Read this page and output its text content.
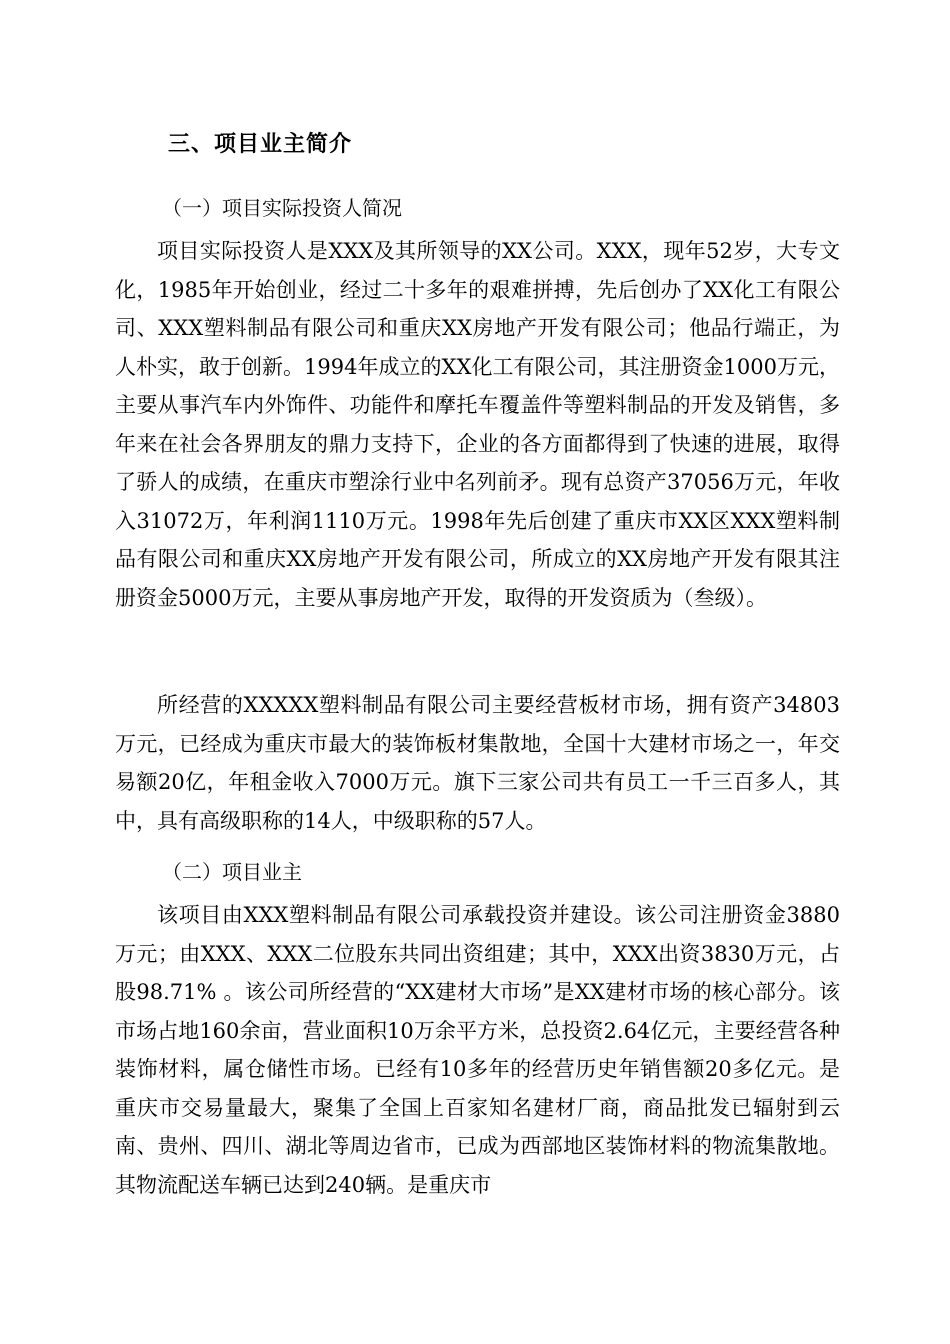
三、项目业主简介
（一）项目实际投资人简况

项目实际投资人是XXX及其所领导的XX公司。XXX，现年52岁，大专文化，1985年开始创业，经过二十多年的艰难拼搏，先后创办了XX化工有限公司、XXX塑料制品有限公司和重庆XX房地产开发有限公司；他品行端正，为人朴实，敢于创新。1994年成立的XX化工有限公司，其注册资金1000万元，主要从事汽车内外饰件、功能件和摩托车覆盖件等塑料制品的开发及销售，多年来在社会各界朋友的鼎力支持下，企业的各方面都得到了快速的进展，取得了骄人的成绩，在重庆市塑涂行业中名列前矛。现有总资产37056万元，年收入31072万，年利润1110万元。1998年先后创建了重庆市XX区XXX塑料制品有限公司和重庆XX房地产开发有限公司，所成立的XX房地产开发有限其注册资金5000万元，主要从事房地产开发，取得的开发资质为（叁级）。

所经营的XXXXX塑料制品有限公司主要经营板材市场，拥有资产34803万元，已经成为重庆市最大的装饰板材集散地，全国十大建材市场之一，年交易额20亿，年租金收入7000万元。旗下三家公司共有员工一千三百多人，其中，具有高级职称的14人，中级职称的57人。

（二）项目业主

该项目由XXX塑料制品有限公司承载投资并建设。该公司注册资金3880万元；由XXX、XXX二位股东共同出资组建；其中，XXX出资3830万元，占股98.71% 。该公司所经营的“XX建材大市场”是XX建材市场的核心部分。该市场占地160余亩，营业面积10万余平方米，总投资2.64亿元，主要经营各种装饰材料，属仓储性市场。已经有10多年的经营历史年销售额20多亿元。是重庆市交易量最大，聚集了全国上百家知名建材厂商，商品批发已辐射到云南、贵州、四川、湖北等周边省市，已成为西部地区装饰材料的物流集散地。其物流配送车辆已达到240辆。是重庆市
